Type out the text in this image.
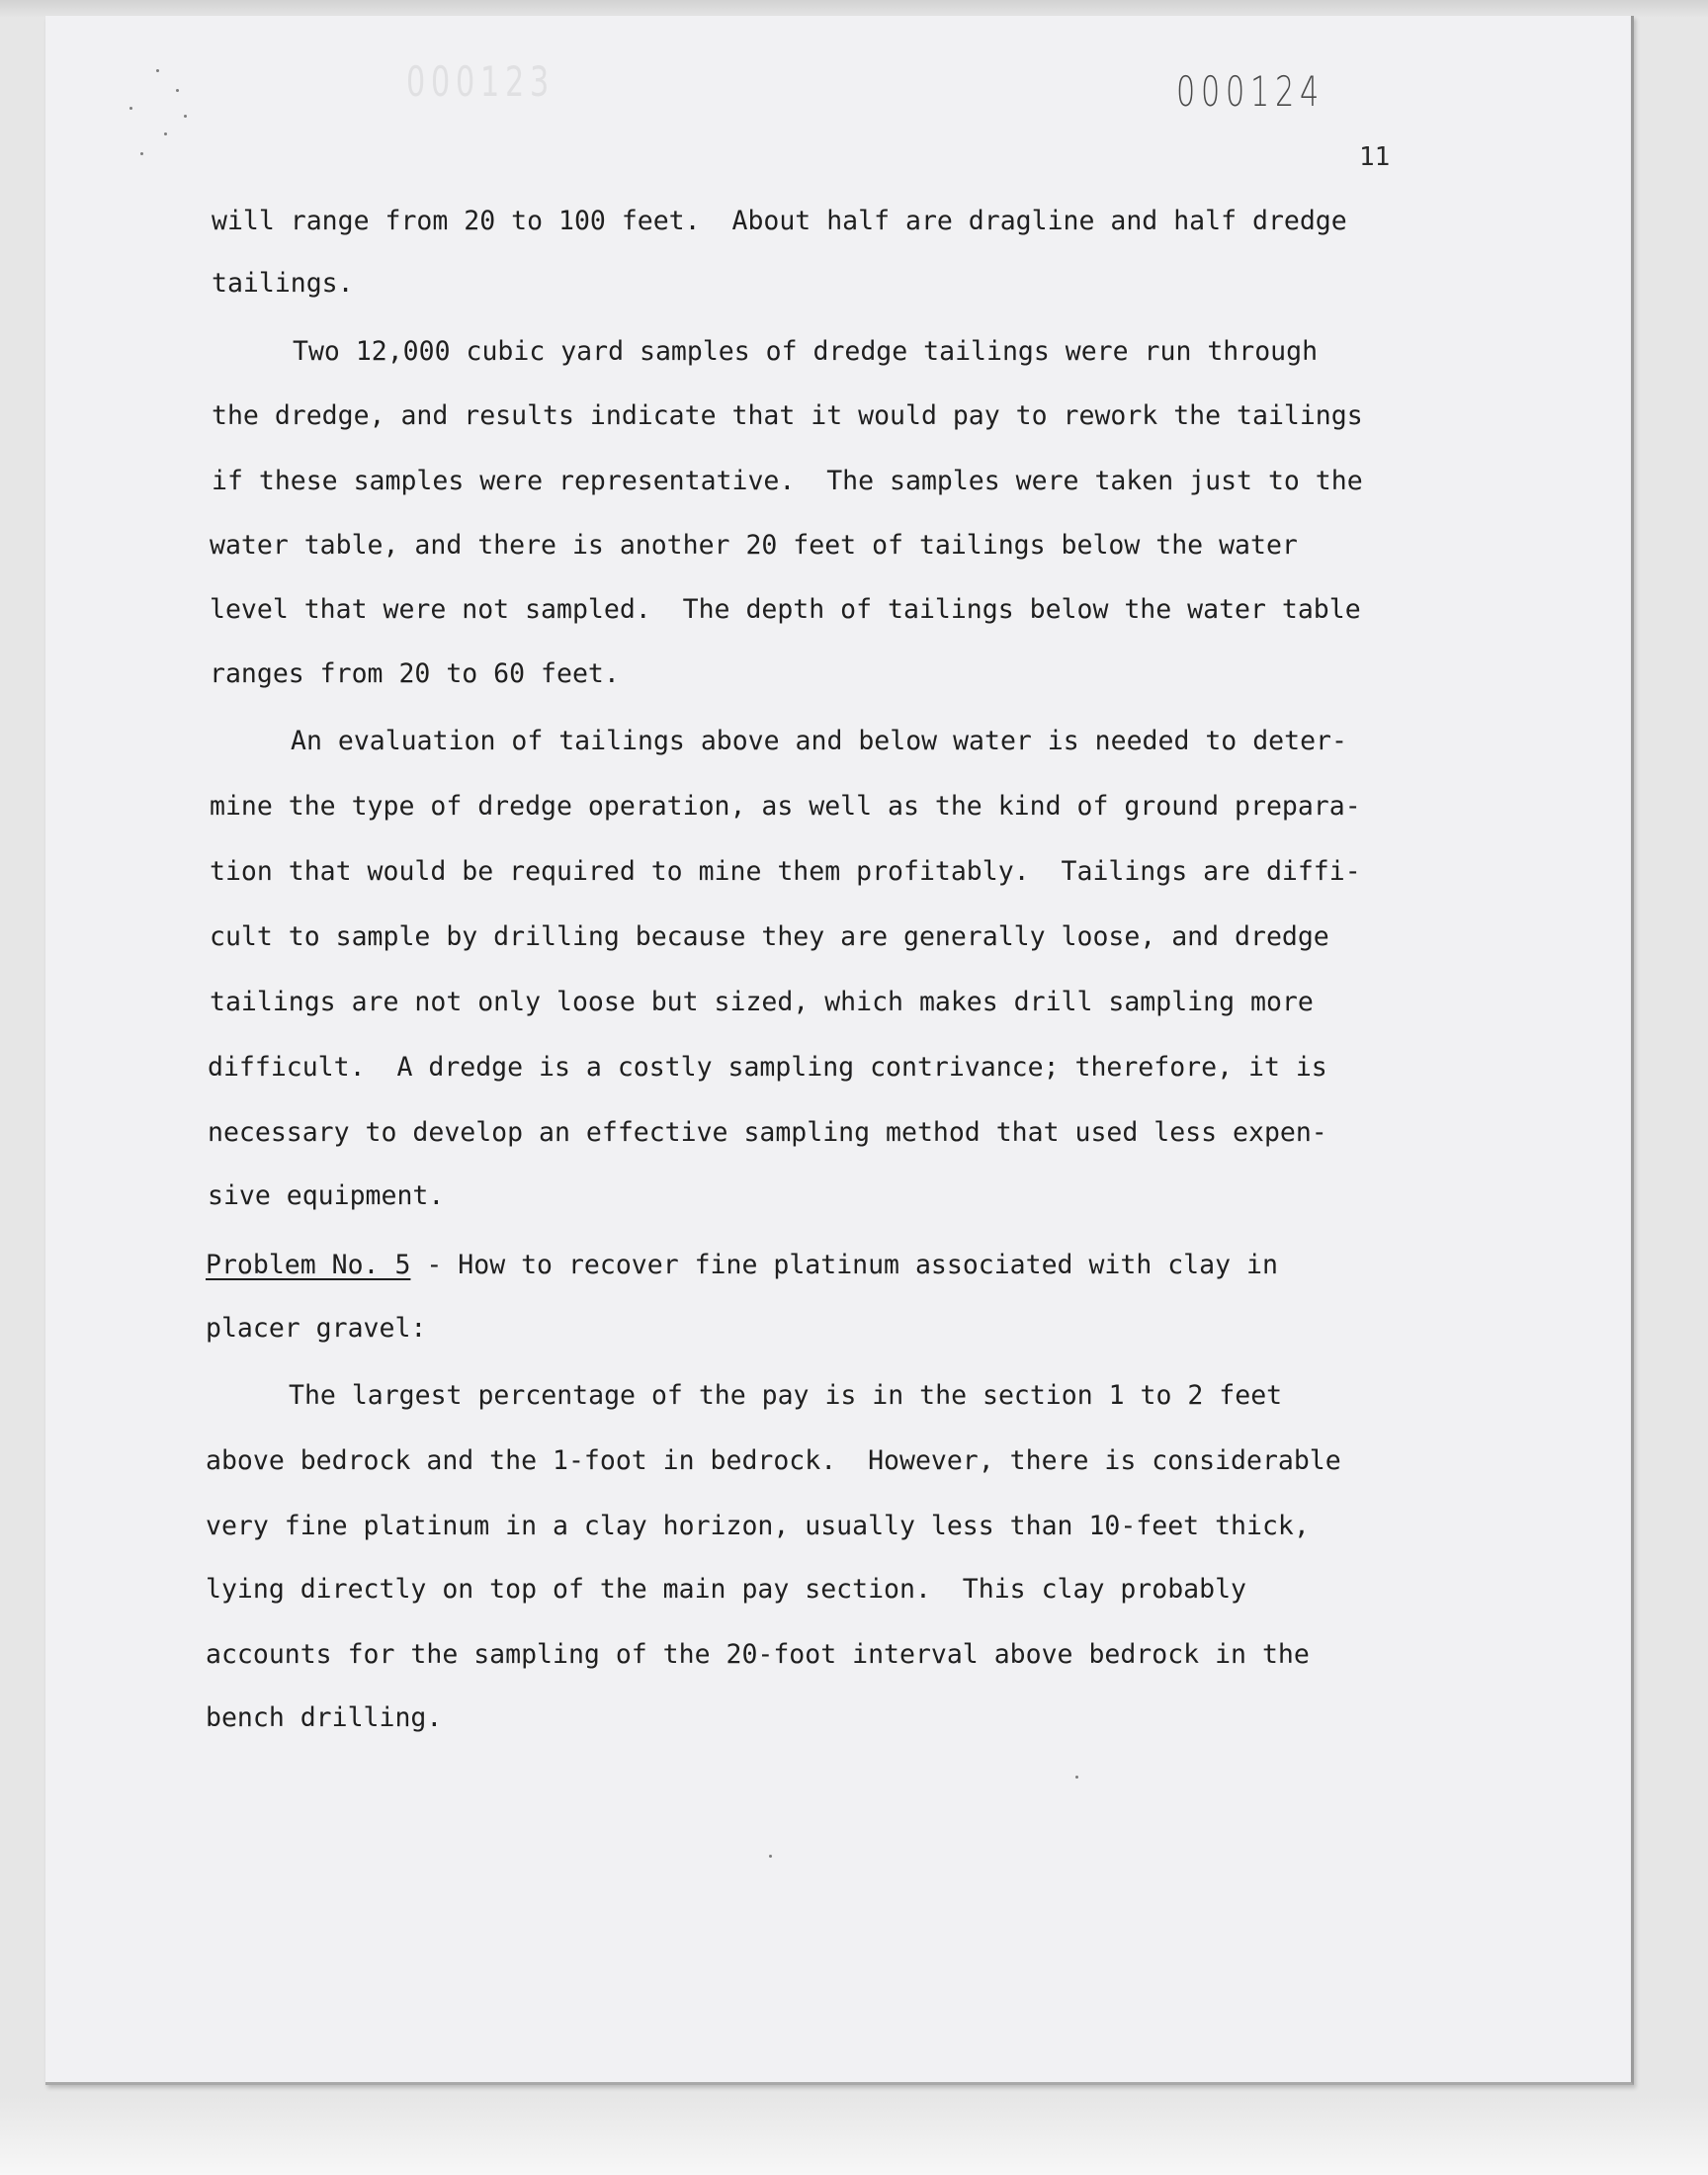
000123	000124
11
will range from 20 to 100 feet.  About half are dragline and half dredge
tailings.
Two 12,000 cubic yard samples of dredge tailings were run through
the dredge, and results indicate that it would pay to rework the tailings
if these samples were representative.  The samples were taken just to the
water table, and there is another 20 feet of tailings below the water
level that were not sampled.  The depth of tailings below the water table
ranges from 20 to 60 feet.
An evaluation of tailings above and below water is needed to deter-
mine the type of dredge operation, as well as the kind of ground prepara-
tion that would be required to mine them profitably.  Tailings are diffi-
cult to sample by drilling because they are generally loose, and dredge
tailings are not only loose but sized, which makes drill sampling more
difficult.  A dredge is a costly sampling contrivance; therefore, it is
necessary to develop an effective sampling method that used less expen-
sive equipment.
Problem No. 5 - How to recover fine platinum associated with clay in
placer gravel:
The largest percentage of the pay is in the section 1 to 2 feet
above bedrock and the 1-foot in bedrock.  However, there is considerable
very fine platinum in a clay horizon, usually less than 10-feet thick,
lying directly on top of the main pay section.  This clay probably
accounts for the sampling of the 20-foot interval above bedrock in the
bench drilling.
